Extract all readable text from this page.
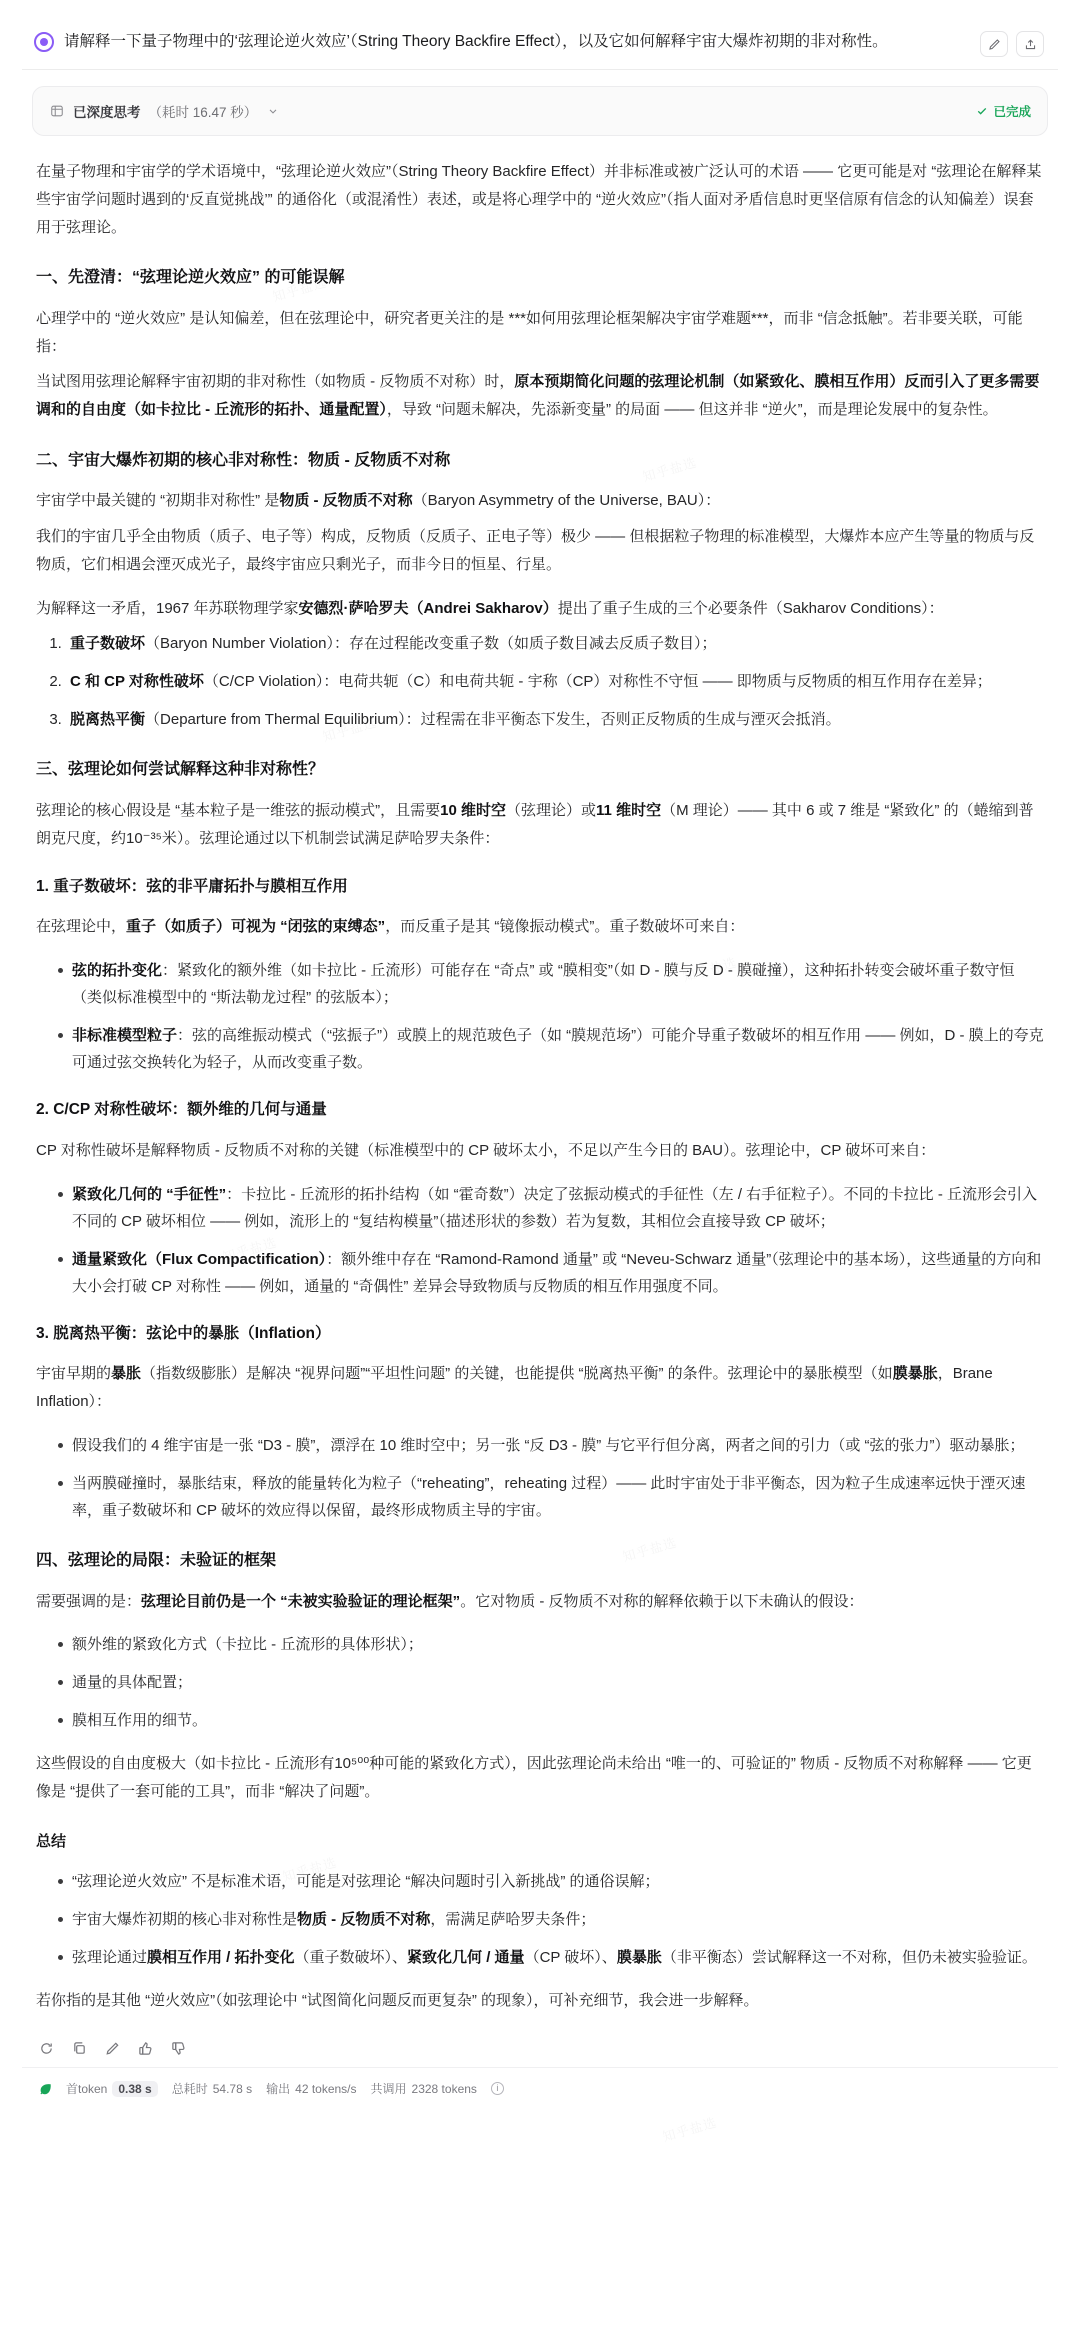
请解释一下量子物理中的‘弦理论逆火效应’（String Theory Backfire Effect），以及它如何解释宇宙大爆炸初期的非对称性。
已深度思考 （耗时 16.47 秒）	已完成

在量子物理和宇宙学的学术语境中，“弦理论逆火效应”（String Theory Backfire Effect）并非标准或被广泛认可的术语 —— 它更可能是对 “弦理论在解释某些宇宙学问题时遇到的‘反直觉挑战’” 的通俗化（或混淆性）表述，或是将心理学中的 “逆火效应”（指人面对矛盾信息时更坚信原有信念的认知偏差）误套用于弦理论。

一、先澄清：“弦理论逆火效应” 的可能误解

心理学中的 “逆火效应” 是认知偏差，但在弦理论中，研究者更关注的是 ***如何用弦理论框架解决宇宙学难题***，而非 “信念抵触”。若非要关联，可能指：

当试图用弦理论解释宇宙初期的非对称性（如物质 - 反物质不对称）时，原本预期简化问题的弦理论机制（如紧致化、膜相互作用）反而引入了更多需要调和的自由度（如卡拉比 - 丘流形的拓扑、通量配置），导致 “问题未解决，先添新变量” 的局面 —— 但这并非 “逆火”，而是理论发展中的复杂性。

二、宇宙大爆炸初期的核心非对称性：物质 - 反物质不对称

宇宙学中最关键的 “初期非对称性” 是物质 - 反物质不对称（Baryon Asymmetry of the Universe, BAU）：

我们的宇宙几乎全由物质（质子、电子等）构成，反物质（反质子、正电子等）极少 —— 但根据粒子物理的标准模型，大爆炸本应产生等量的物质与反物质，它们相遇会湮灭成光子，最终宇宙应只剩光子，而非今日的恒星、行星。

为解释这一矛盾，1967 年苏联物理学家安德烈·萨哈罗夫（Andrei Sakharov）提出了重子生成的三个必要条件（Sakharov Conditions）：

1. 重子数破坏（Baryon Number Violation）：存在过程能改变重子数（如质子数目减去反质子数目）；
2. C 和 CP 对称性破坏（C/CP Violation）：电荷共轭（C）和电荷共轭 - 宇称（CP）对称性不守恒 —— 即物质与反物质的相互作用存在差异；
3. 脱离热平衡（Departure from Thermal Equilibrium）：过程需在非平衡态下发生，否则正反物质的生成与湮灭会抵消。
三、弦理论如何尝试解释这种非对称性？

弦理论的核心假设是 “基本粒子是一维弦的振动模式”，且需要10 维时空（弦理论）或11 维时空（M 理论）—— 其中 6 或 7 维是 “紧致化” 的（蜷缩到普朗克尺度，约10⁻³⁵米）。弦理论通过以下机制尝试满足萨哈罗夫条件：

1. 重子数破坏：弦的非平庸拓扑与膜相互作用

在弦理论中，重子（如质子）可视为 “闭弦的束缚态”，而反重子是其 “镜像振动模式”。重子数破坏可来自：

弦的拓扑变化：紧致化的额外维（如卡拉比 - 丘流形）可能存在 “奇点” 或 “膜相变”（如 D - 膜与反 D - 膜碰撞），这种拓扑转变会破坏重子数守恒（类似标准模型中的 “斯法勒龙过程” 的弦版本）；
非标准模型粒子：弦的高维振动模式（“弦振子”）或膜上的规范玻色子（如 “膜规范场”）可能介导重子数破坏的相互作用 —— 例如，D - 膜上的夸克可通过弦交换转化为轻子，从而改变重子数。
2. C/CP 对称性破坏：额外维的几何与通量

CP 对称性破坏是解释物质 - 反物质不对称的关键（标准模型中的 CP 破坏太小，不足以产生今日的 BAU）。弦理论中，CP 破坏可来自：

紧致化几何的 “手征性”：卡拉比 - 丘流形的拓扑结构（如 “霍奇数”）决定了弦振动模式的手征性（左 / 右手征粒子）。不同的卡拉比 - 丘流形会引入不同的 CP 破坏相位 —— 例如，流形上的 “复结构模量”（描述形状的参数）若为复数，其相位会直接导致 CP 破坏；
通量紧致化（Flux Compactification）：额外维中存在 “Ramond-Ramond 通量” 或 “Neveu-Schwarz 通量”（弦理论中的基本场），这些通量的方向和大小会打破 CP 对称性 —— 例如，通量的 “奇偶性” 差异会导致物质与反物质的相互作用强度不同。
3. 脱离热平衡：弦论中的暴胀（Inflation）

宇宙早期的暴胀（指数级膨胀）是解决 “视界问题”“平坦性问题” 的关键，也能提供 “脱离热平衡” 的条件。弦理论中的暴胀模型（如膜暴胀，Brane Inflation）：

假设我们的 4 维宇宙是一张 “D3 - 膜”，漂浮在 10 维时空中；另一张 “反 D3 - 膜” 与它平行但分离，两者之间的引力（或 “弦的张力”）驱动暴胀；
当两膜碰撞时，暴胀结束，释放的能量转化为粒子（“reheating”，reheating 过程）—— 此时宇宙处于非平衡态，因为粒子生成速率远快于湮灭速率，重子数破坏和 CP 破坏的效应得以保留，最终形成物质主导的宇宙。
四、弦理论的局限：未验证的框架

需要强调的是：弦理论目前仍是一个 “未被实验验证的理论框架”。它对物质 - 反物质不对称的解释依赖于以下未确认的假设：

额外维的紧致化方式（卡拉比 - 丘流形的具体形状）；
通量的具体配置；
膜相互作用的细节。

这些假设的自由度极大（如卡拉比 - 丘流形有10⁵⁰⁰种可能的紧致化方式），因此弦理论尚未给出 “唯一的、可验证的” 物质 - 反物质不对称解释 —— 它更像是 “提供了一套可能的工具”，而非 “解决了问题”。

总结
“弦理论逆火效应” 不是标准术语，可能是对弦理论 “解决问题时引入新挑战” 的通俗误解；
宇宙大爆炸初期的核心非对称性是物质 - 反物质不对称，需满足萨哈罗夫条件；
弦理论通过膜相互作用 / 拓扑变化（重子数破坏）、紧致化几何 / 通量（CP 破坏）、膜暴胀（非平衡态）尝试解释这一不对称，但仍未被实验验证。

若你指的是其他 “逆火效应”（如弦理论中 “试图简化问题反而更复杂” 的现象），可补充细节，我会进一步解释。

首token 0.38 s	总耗时 54.78 s 输出 42 tokens/s 共调用 2328 tokens	i
